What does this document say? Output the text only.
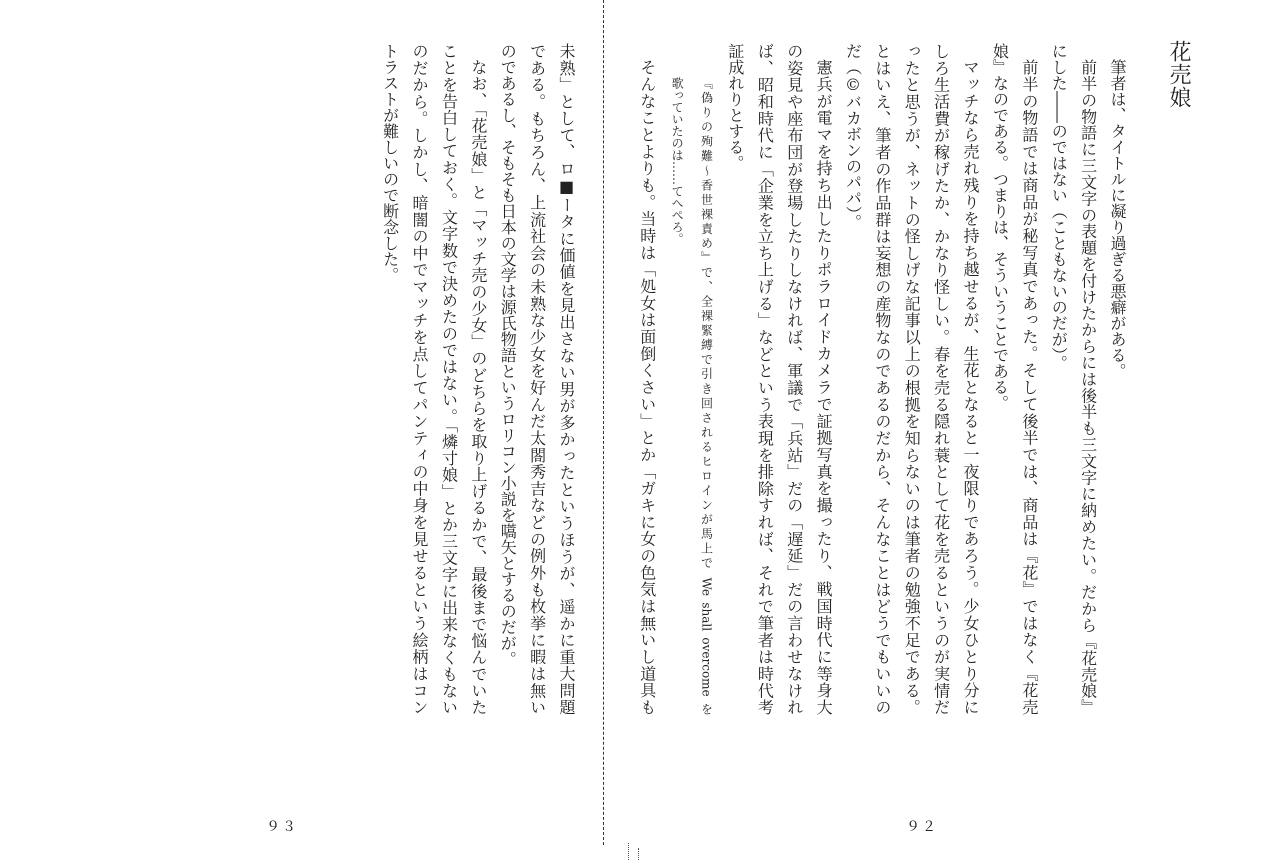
花売娘
筆者は、タイトルに凝り過ぎる悪癖がある。
前半の物語に三文字の表題を付けたからには後半も三文字に納めたい。だから『花売娘』
にした――のではない（こともないのだが）。
前半の物語では商品が秘写真であった。そして後半では、商品は『花』ではなく『花売
娘』なのである。つまりは、そういうことである。
マッチなら売れ残りを持ち越せるが、生花となると一夜限りであろう。少女ひとり分に
しろ生活費が稼げたか、かなり怪しい。春を売る隠れ蓑として花を売るというのが実情だ
ったと思うが、ネットの怪しげな記事以上の根拠を知らないのは筆者の勉強不足である。
とはいえ、筆者の作品群は妄想の産物なのであるのだから、そんなことはどうでもいいの
だ（©バカボンのパパ）。
憲兵が電マを持ち出したりポラロイドカメラで証拠写真を撮ったり、戦国時代に等身大
の姿見や座布団が登場したりしなければ、軍議で「兵站」だの「遅延」だの言わせなけれ
ば、昭和時代に「企業を立ち上げる」などという表現を排除すれば、それで筆者は時代考
証成れりとする。
『偽りの殉難～香世裸責め』で、全裸緊縛で引き回されるヒロインが馬上で We shall overcome を
歌っていたのは……てへぺろ。
そんなことよりも。当時は「処女は面倒くさい」とか「ガキに女の色気は無いし道具も
未熟」として、ロ■ータに価値を見出さない男が多かったというほうが、遥かに重大問題
である。もちろん、上流社会の未熟な少女を好んだ太閤秀吉などの例外も枚挙に暇は無い
のであるし、そもそも日本の文学は源氏物語というロリコン小説を嚆矢とするのだが。
なお、「花売娘」と「マッチ売の少女」のどちらを取り上げるかで、最後まで悩んでいた
ことを告白しておく。文字数で決めたのではない。「燐寸娘」とか三文字に出来なくもない
のだから。しかし、暗闇の中でマッチを点してパンティの中身を見せるという絵柄はコン
トラストが難しいので断念した。
９３	９２
